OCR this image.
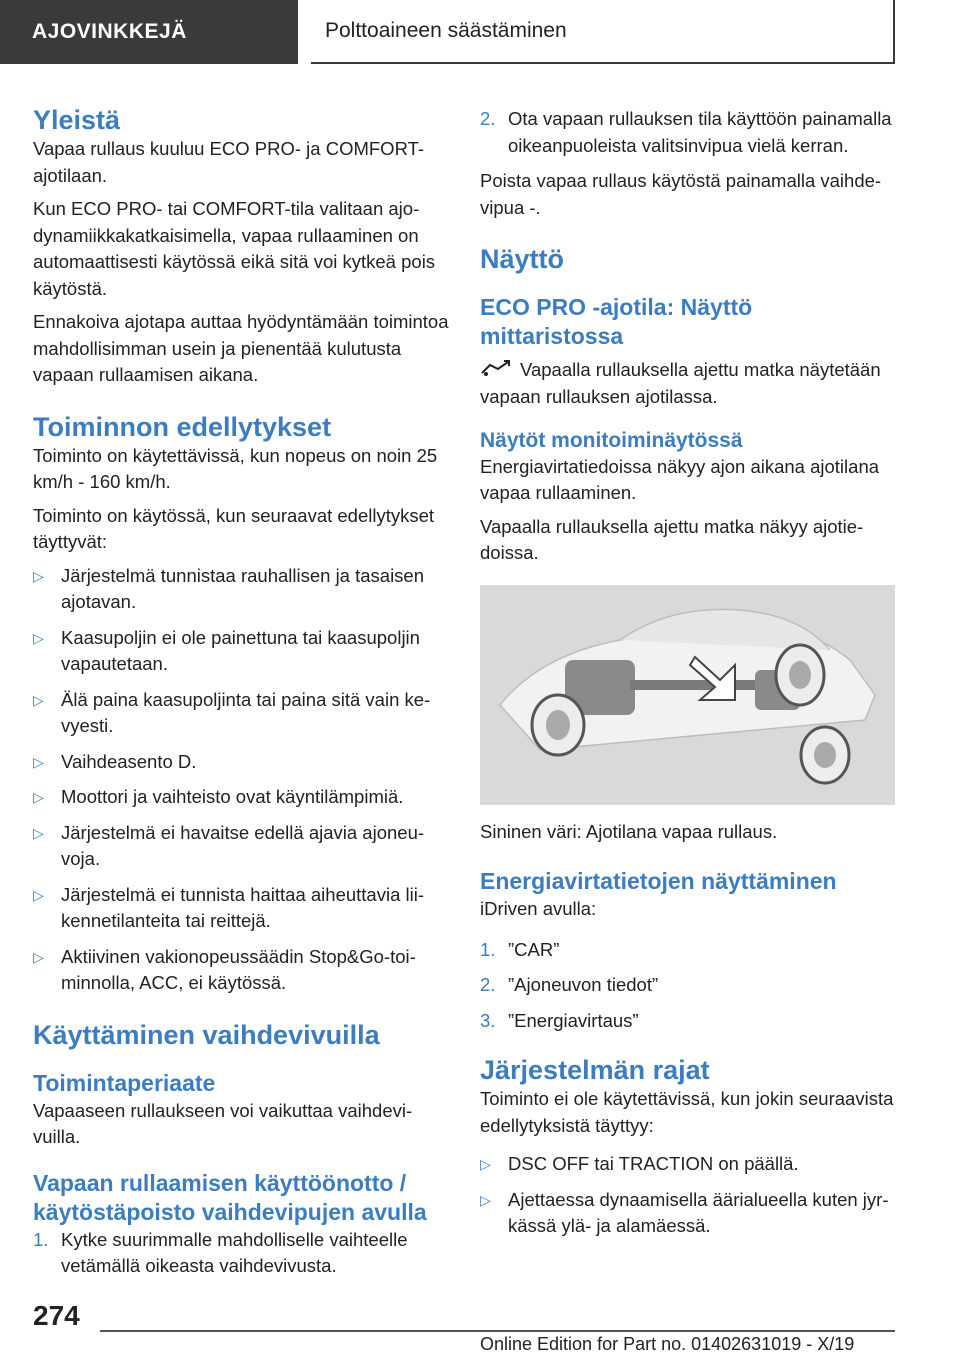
AJOVINKKEJÄ	Polttoaineen säästäminen
Yleistä

Vapaa rullaus kuuluu ECO PRO- ja COMFORT-ajotilaan.

Kun ECO PRO- tai COMFORT-tila valitaan ajodynamiikkakatkaisimella, vapaa rullaaminen on automaattisesti käytössä eikä sitä voi kytkeä pois käytöstä.

Ennakoiva ajotapa auttaa hyödyntämään toimintoa mahdollisimman usein ja pienentää kulutusta vapaan rullaamisen aikana.

Toiminnon edellytykset

Toiminto on käytettävissä, kun nopeus on noin 25 km/h - 160 km/h.

Toiminto on käytössä, kun seuraavat edellytykset täyttyvät:

▷ Järjestelmä tunnistaa rauhallisen ja tasaisen ajotavan.
▷ Kaasupoljin ei ole painettuna tai kaasupoljin vapautetaan.
▷ Älä paina kaasupoljinta tai paina sitä vain kevyesti.
▷ Vaihdeasento D.
▷ Moottori ja vaihteisto ovat käyntilämpimiä.
▷ Järjestelmä ei havaitse edellä ajavia ajoneuvoja.
▷ Järjestelmä ei tunnista haittaa aiheuttavia liikennetilanteita tai reittejä.
▷ Aktiivinen vakionopeussäädin Stop&Go-toiminnolla, ACC, ei käytössä.
Käyttäminen vaihdevivuilla
Toimintaperiaate

Vapaaseen rullaukseen voi vaikuttaa vaihdevivuilla.

Vapaan rullaamisen käyttöönotto / käytöstäpoisto vaihdevipujen avulla
1. Kytke suurimmalle mahdolliselle vaihteelle vetämällä oikeasta vaihdevivusta.
2. Ota vapaan rullauksen tila käyttöön painamalla oikeanpuoleista valitsinvipua vielä kerran.

Poista vapaa rullaus käytöstä painamalla vaihdevipua -.

Näyttö
ECO PRO -ajotila: Näyttö mittaristossa

Vapaalla rullauksella ajettu matka näytetään vapaan rullauksen ajotilassa.

Näytöt monitoiminäytössä

Energiavirtatiedoissa näkyy ajon aikana ajotilana vapaa rullaaminen.

Vapaalla rullauksella ajettu matka näkyy ajotiedoissa.

Sininen väri: Ajotilana vapaa rullaus.

Energiavirtatietojen näyttäminen

iDriven avulla:

1. ”CAR”
2. ”Ajoneuvon tiedot”
3. ”Energiavirtaus”
Järjestelmän rajat

Toiminto ei ole käytettävissä, kun jokin seuraavista edellytyksistä täyttyy:

▷ DSC OFF tai TRACTION on päällä.
▷ Ajettaessa dynaamisella äärialueella kuten jyrkässä ylä- ja alamäessä.
274
Online Edition for Part no. 01402631019 - X/19
